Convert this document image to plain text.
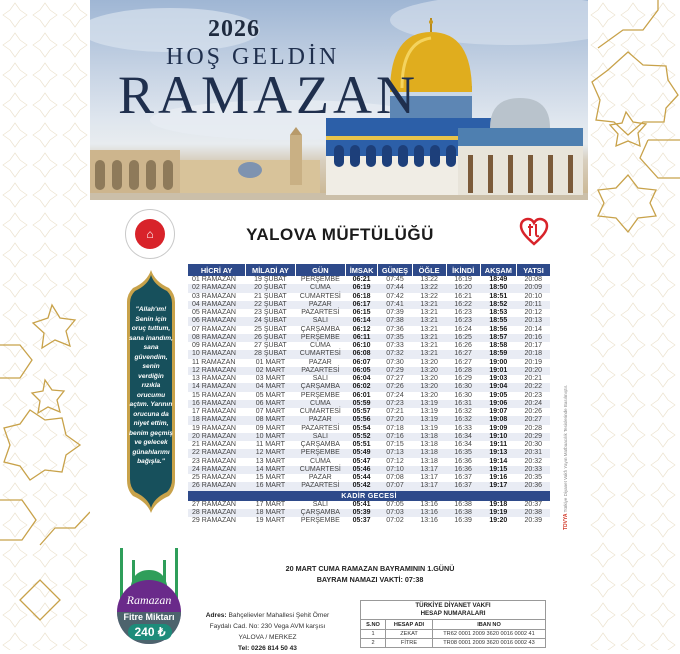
2026
HOŞ GELDİN
RAMAZAN
⌂	YALOVA MÜFTÜLÜĞÜ
"Allah'ım! Senin için oruç tuttum, sana inandım, sana güvendim, senin verdiğin rızıkla orucumu açtım. Yarının orucuna da niyet ettim, benim geçmiş ve gelecek günahlarımı bağışla."
HİCRİ AY	MİLADİ AY	GÜN	İMSAK	GÜNEŞ	ÖĞLE	İKİNDİ	AKŞAM	YATSI
01 RAMAZAN	19 ŞUBAT	PERŞEMBE	06:21	07:45	13:22	16:19	18:49	20:08
02 RAMAZAN	20 ŞUBAT	CUMA	06:19	07:44	13:22	16:20	18:50	20:09
03 RAMAZAN	21 ŞUBAT	CUMARTESİ	06:18	07:42	13:22	16:21	18:51	20:10
04 RAMAZAN	22 ŞUBAT	PAZAR	06:17	07:41	13:21	16:22	18:52	20:11
05 RAMAZAN	23 ŞUBAT	PAZARTESİ	06:15	07:39	13:21	16:23	18:53	20:12
06 RAMAZAN	24 ŞUBAT	SALI	06:14	07:38	13:21	16:23	18:55	20:13
07 RAMAZAN	25 ŞUBAT	ÇARŞAMBA	06:12	07:36	13:21	16:24	18:56	20:14
08 RAMAZAN	26 ŞUBAT	PERŞEMBE	06:11	07:35	13:21	16:25	18:57	20:16
09 RAMAZAN	27 ŞUBAT	CUMA	06:10	07:33	13:21	16:26	18:58	20:17
10 RAMAZAN	28 ŞUBAT	CUMARTESİ	06:08	07:32	13:21	16:27	18:59	20:18
11 RAMAZAN	01 MART	PAZAR	06:07	07:30	13:20	16:27	19:00	20:19
12 RAMAZAN	02 MART	PAZARTESİ	06:05	07:29	13:20	16:28	19:01	20:20
13 RAMAZAN	03 MART	SALI	06:04	07:27	13:20	16:29	19:03	20:21
14 RAMAZAN	04 MART	ÇARŞAMBA	06:02	07:26	13:20	16:30	19:04	20:22
15 RAMAZAN	05 MART	PERŞEMBE	06:01	07:24	13:20	16:30	19:05	20:23
16 RAMAZAN	06 MART	CUMA	05:59	07:23	13:19	16:31	19:06	20:24
17 RAMAZAN	07 MART	CUMARTESİ	05:57	07:21	13:19	16:32	19:07	20:26
18 RAMAZAN	08 MART	PAZAR	05:56	07:20	13:19	16:32	19:08	20:27
19 RAMAZAN	09 MART	PAZARTESİ	05:54	07:18	13:19	16:33	19:09	20:28
20 RAMAZAN	10 MART	SALI	05:52	07:16	13:18	16:34	19:10	20:29
21 RAMAZAN	11 MART	ÇARŞAMBA	05:51	07:15	13:18	16:34	19:11	20:30
22 RAMAZAN	12 MART	PERŞEMBE	05:49	07:13	13:18	16:35	19:13	20:31
23 RAMAZAN	13 MART	CUMA	05:47	07:12	13:18	16:36	19:14	20:32
24 RAMAZAN	14 MART	CUMARTESİ	05:46	07:10	13:17	16:36	19:15	20:33
25 RAMAZAN	15 MART	PAZAR	05:44	07:08	13:17	16:37	19:16	20:35
26 RAMAZAN	16 MART	PAZARTESİ	05:42	07:07	13:17	16:37	19:17	20:36
KADİR GECESİ								
27 RAMAZAN	17 MART	SALI	05:41	07:05	13:16	16:38	19:18	20:37
28 RAMAZAN	18 MART	ÇARŞAMBA	05:39	07:03	13:16	16:38	19:19	20:38
29 RAMAZAN	19 MART	PERŞEMBE	05:37	07:02	13:16	16:39	19:20	20:39
20 MART CUMA RAMAZAN BAYRAMININ 1.GÜNÜ
BAYRAM NAMAZI VAKTİ: 07:38
Ramazan
Fitre Miktarı
240 ₺
Adres: Bahçelievler Mahallesi Şehit Ömer
Faydalı Cad. No: 230 Vega AVM karşısı
YALOVA / MERKEZ
Tel: 0226 814 50 43
TÜRKİYE DİYANET VAKFI
HESAP NUMARALARI		
S.NO	HESAP ADI	IBAN NO
1	ZEKAT	TR62 0001 2009 3620 0016 0002 41
2	FİTRE	TR08 0001 2009 3620 0016 0002 43
TDVYA Türkiye Diyanet Vakfı Yayın Matbaacılık Tesislerinde Basılmıştır.
